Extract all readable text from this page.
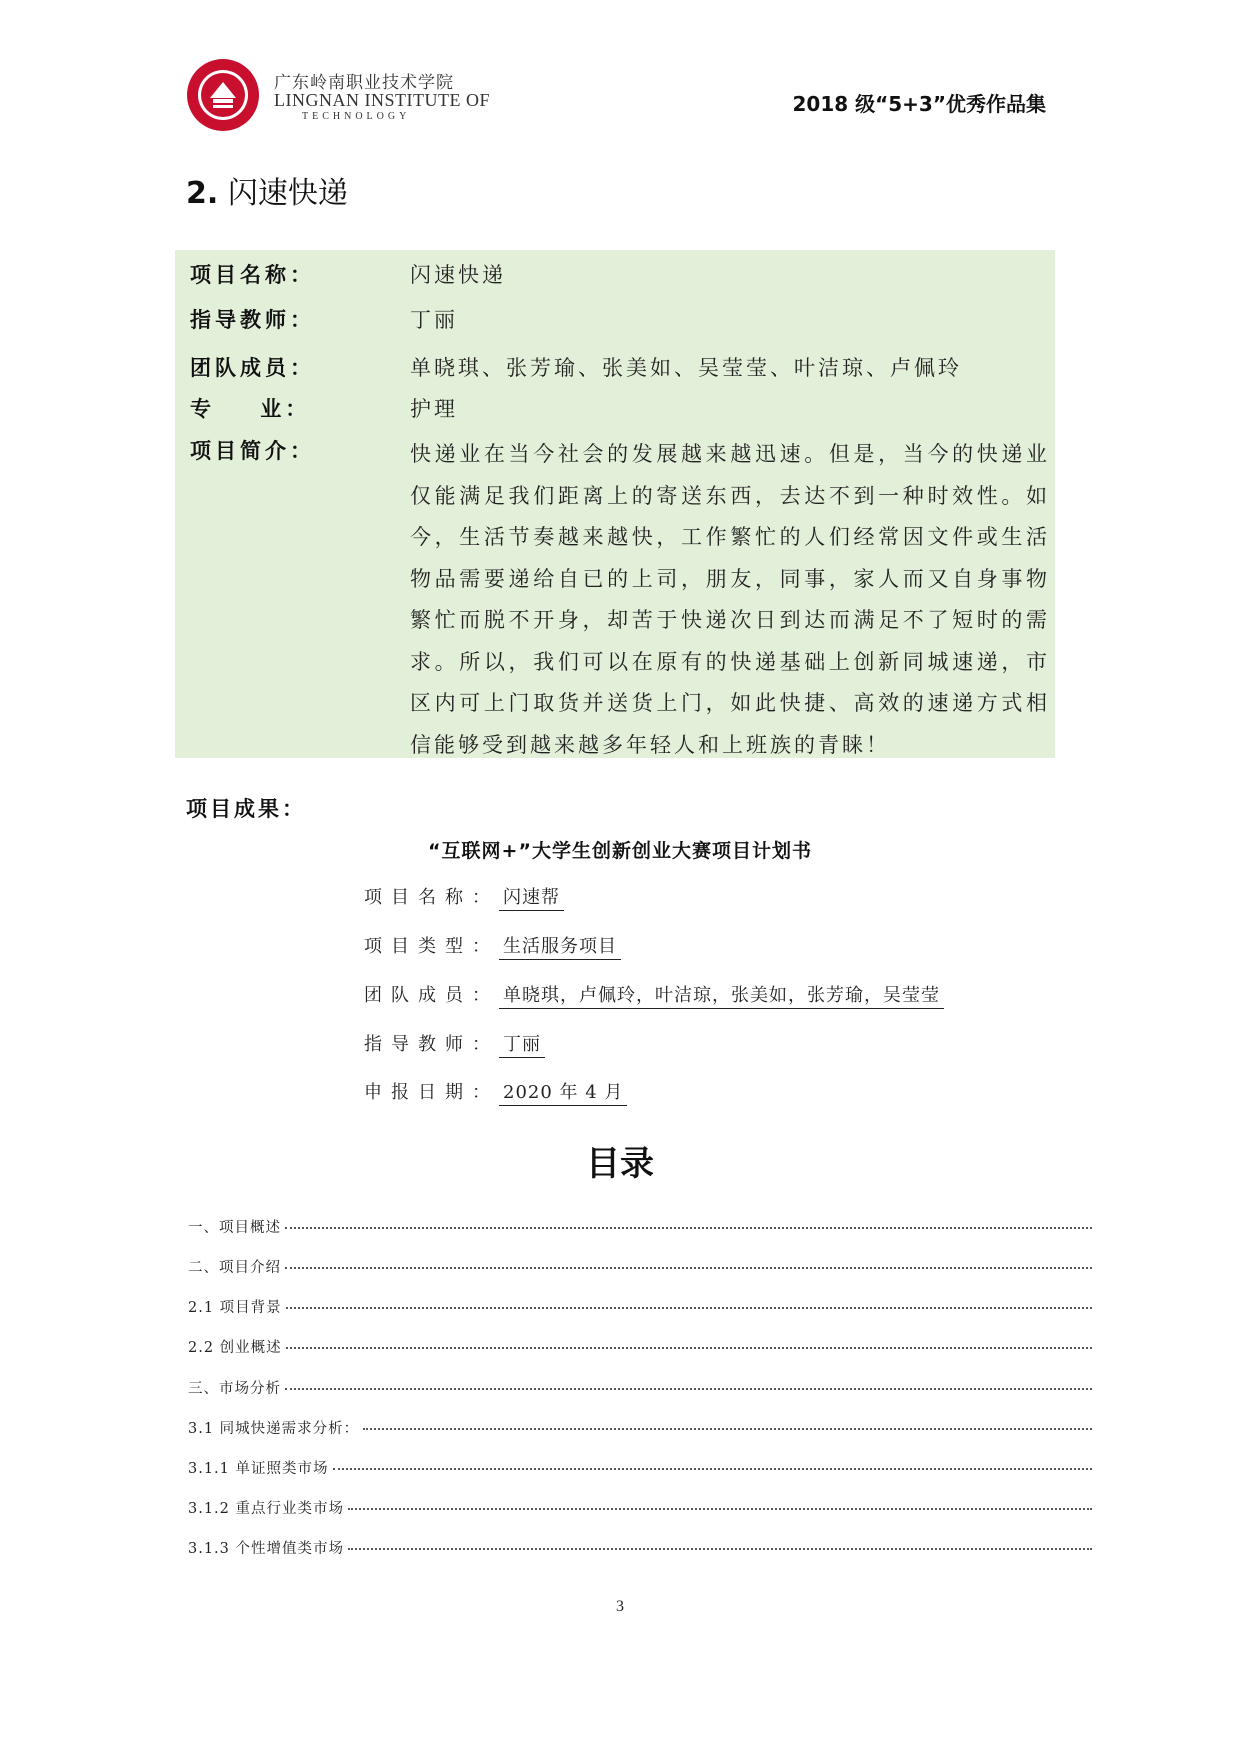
广东岭南职业技术学院
LINGNAN INSTITUTE OF
TECHNOLOGY
2018 级“5+3”优秀作品集
2. 闪速快递
项目名称：	闪速快递
指导教师：	丁丽
团队成员：	单晓琪、张芳瑜、张美如、吴莹莹、叶洁琼、卢佩玲
专    业：	护理
项目简介：	快递业在当今社会的发展越来越迅速。但是，当今的快递业仅能满足我们距离上的寄送东西，去达不到一种时效性。如今，生活节奏越来越快，工作繁忙的人们经常因文件或生活物品需要递给自已的上司，朋友，同事，家人而又自身事物繁忙而脱不开身，却苦于快递次日到达而满足不了短时的需求。所以，我们可以在原有的快递基础上创新同城速递，市区内可上门取货并送货上门，如此快捷、高效的速递方式相信能够受到越来越多年轻人和上班族的青睐！
项目成果：
“互联网+”大学生创新创业大赛项目计划书
项目名称： 闪速帮
项目类型： 生活服务项目
团队成员： 单晓琪，卢佩玲，叶洁琼，张美如，张芳瑜，吴莹莹
指导教师： 丁丽
申报日期： 2020 年 4 月
目录
一、项目概述
二、项目介绍
2.1 项目背景
2.2 创业概述
三、市场分析
3.1 同城快递需求分析：
3.1.1 单证照类市场
3.1.2 重点行业类市场
3.1.3 个性增值类市场
3
